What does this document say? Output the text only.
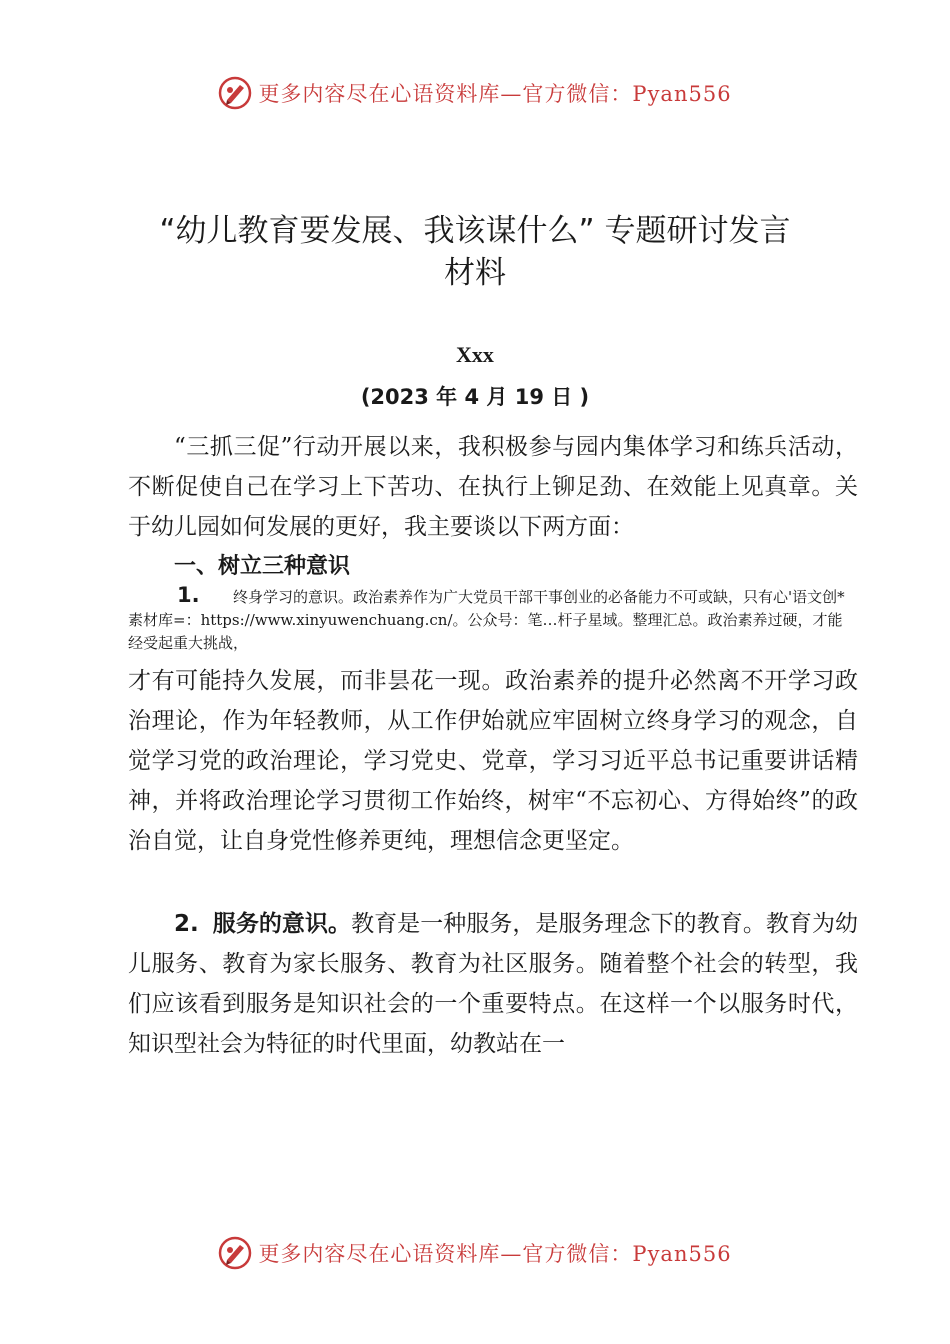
更多内容尽在心语资料库—官方微信：Pyan556
“幼儿教育要发展、我该谋什么” 专题研讨发言材料
Xxx
(2023 年 4 月 19 日 )
“三抓三促”行动开展以来，我积极参与园内集体学习和练兵活动，不断促使自己在学习上下苦功、在执行上铆足劲、在效能上见真章。关于幼儿园如何发展的更好，我主要谈以下两方面：
一、树立三种意识
1.	终身学习的意识。政治素养作为广大党员干部干事创业的必备能力不可或缺，只有心'语文创*素材库=：https://www.xinyuwenchuang.cn/。公众号：笔…杆子星域。整理汇总。政治素养过硬，才能经受起重大挑战，
才有可能持久发展，而非昙花一现。政治素养的提升必然离不开学习政治理论，作为年轻教师，从工作伊始就应牢固树立终身学习的观念，自觉学习党的政治理论，学习党史、党章，学习习近平总书记重要讲话精神，并将政治理论学习贯彻工作始终，树牢“不忘初心、方得始终”的政治自觉，让自身党性修养更纯，理想信念更坚定。
2. 服务的意识。教育是一种服务，是服务理念下的教育。教育为幼儿服务、教育为家长服务、教育为社区服务。随着整个社会的转型，我们应该看到服务是知识社会的一个重要特点。在这样一个以服务时代，知识型社会为特征的时代里面，幼教站在一
更多内容尽在心语资料库—官方微信：Pyan556
